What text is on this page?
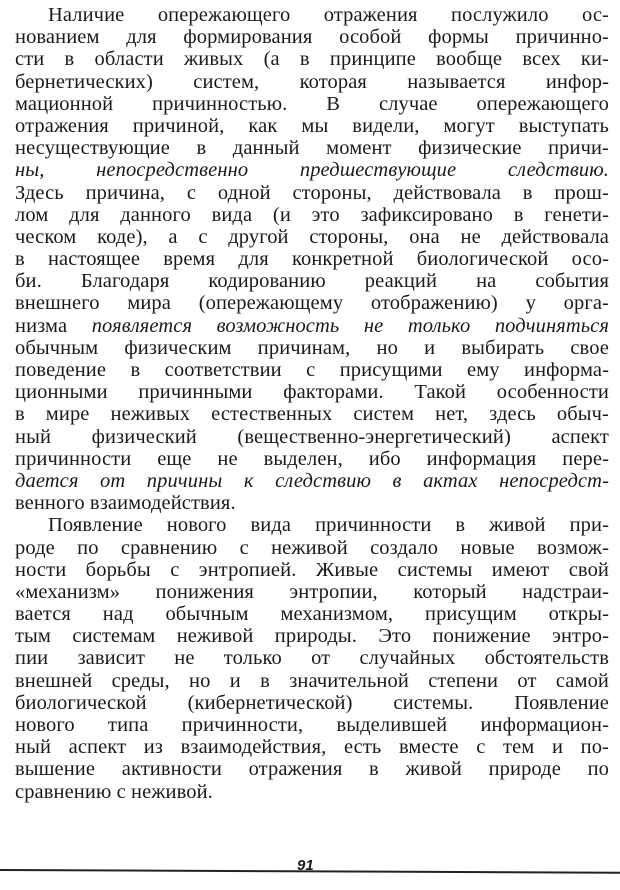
Наличие опережающего отражения послужило ос-
нованием для формирования особой формы причинно-
сти в области живых (а в принципе вообще всех ки-
бернетических) систем, которая называется инфор-
мационной причинностью. В случае опережающего
отражения причиной, как мы видели, могут выступать
несуществующие в данный момент физические причи-
ны, непосредственно предшествующие следствию.
Здесь причина, с одной стороны, действовала в прош-
лом для данного вида (и это зафиксировано в генети-
ческом коде), а с другой стороны, она не действовала
в настоящее время для конкретной биологической осо-
би. Благодаря кодированию реакций на события
внешнего мира (опережающему отображению) у орга-
низма появляется возможность не только подчиняться
обычным физическим причинам, но и выбирать свое
поведение в соответствии с присущими ему информа-
ционными причинными факторами. Такой особенности
в мире неживых естественных систем нет, здесь обыч-
ный физический (вещественно-энергетический) аспект
причинности еще не выделен, ибо информация пере-
дается от причины к следствию в актах непосредст-
венного взаимодействия.
Появление нового вида причинности в живой при-
роде по сравнению с неживой создало новые возмож-
ности борьбы с энтропией. Живые системы имеют свой
«механизм» понижения энтропии, который надстраи-
вается над обычным механизмом, присущим откры-
тым системам неживой природы. Это понижение энтро-
пии зависит не только от случайных обстоятельств
внешней среды, но и в значительной степени от самой
биологической (кибернетической) системы. Появление
нового типа причинности, выделившей информацион-
ный аспект из взаимодействия, есть вместе с тем и по-
вышение активности отражения в живой природе по
сравнению с неживой.
91
